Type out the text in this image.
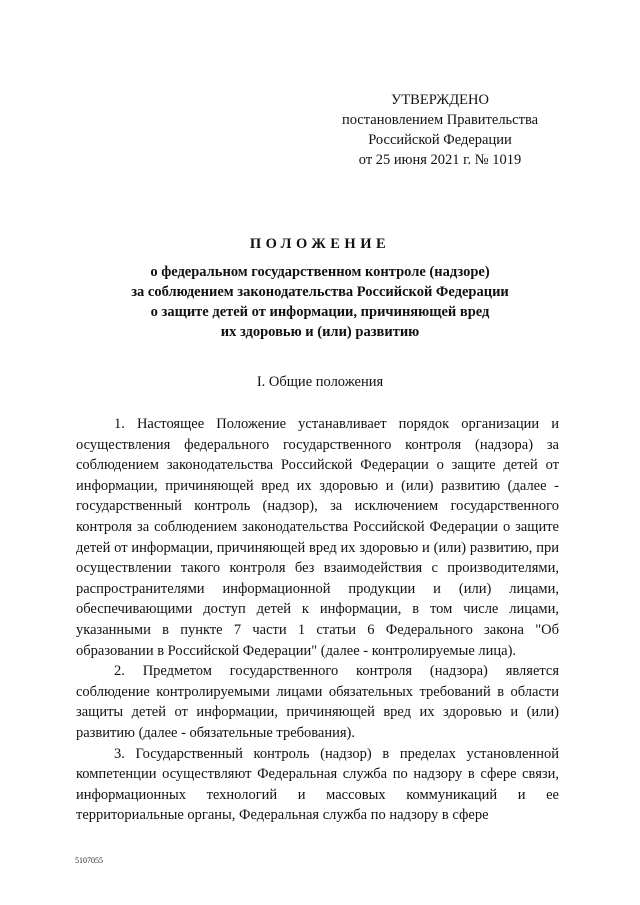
УТВЕРЖДЕНО
постановлением Правительства
Российской Федерации
от 25 июня 2021 г. № 1019
ПОЛОЖЕНИЕ
о федеральном государственном контроле (надзоре)
за соблюдением законодательства Российской Федерации
о защите детей от информации, причиняющей вред
их здоровью и (или) развитию
I. Общие положения

1. Настоящее Положение устанавливает порядок организации и осуществления федерального государственного контроля (надзора) за соблюдением законодательства Российской Федерации о защите детей от информации, причиняющей вред их здоровью и (или) развитию (далее - государственный контроль (надзор), за исключением государственного контроля за соблюдением законодательства Российской Федерации о защите детей от информации, причиняющей вред их здоровью и (или) развитию, при осуществлении такого контроля без взаимодействия с производителями, распространителями информационной продукции и (или) лицами, обеспечивающими доступ детей к информации, в том числе лицами, указанными в пункте 7 части 1 статьи 6 Федерального закона "Об образовании в Российской Федерации" (далее - контролируемые лица).

2. Предметом государственного контроля (надзора) является соблюдение контролируемыми лицами обязательных требований в области защиты детей от информации, причиняющей вред их здоровью и (или) развитию (далее - обязательные требования).

3. Государственный контроль (надзор) в пределах установленной компетенции осуществляют Федеральная служба по надзору в сфере связи, информационных технологий и массовых коммуникаций и ее территориальные органы, Федеральная служба по надзору в сфере

5107055
